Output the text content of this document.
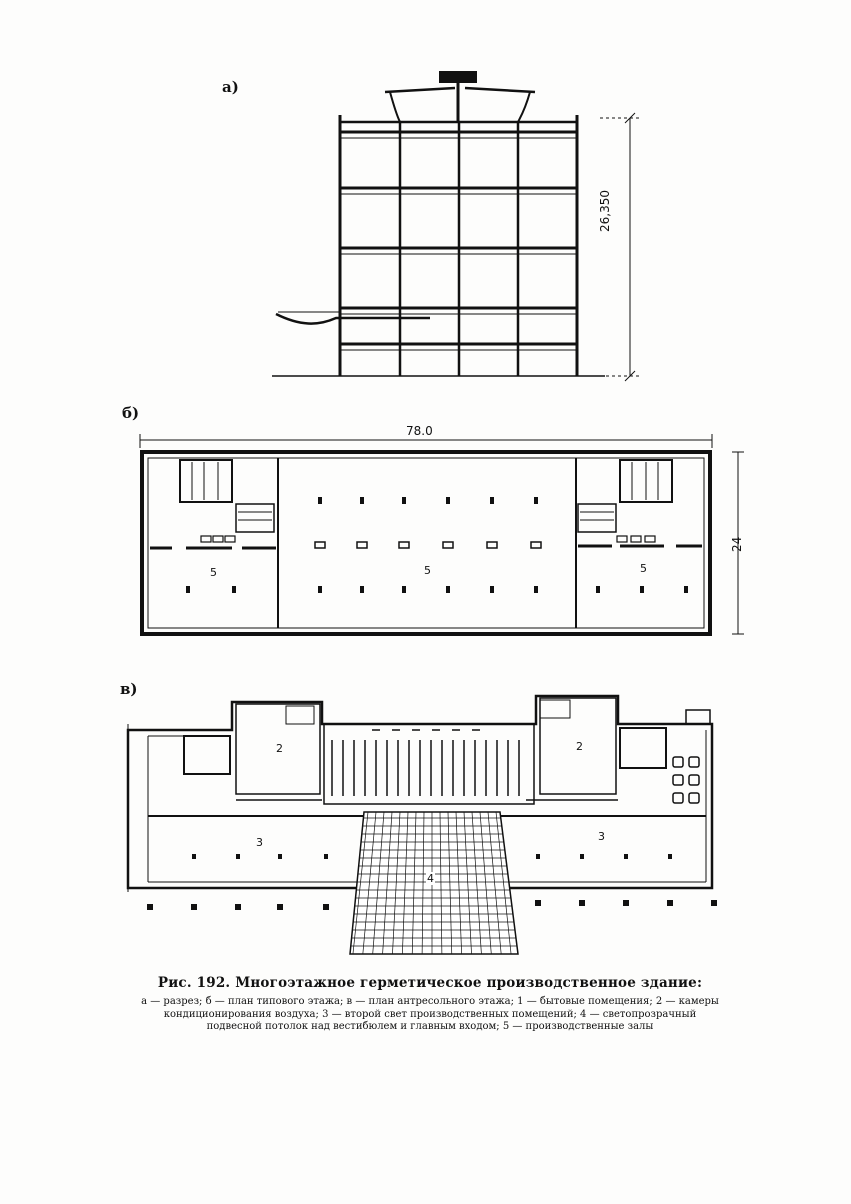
а)
26,350
б)
78.0
24
5	5	5
в)
2	2
3	3
4
Рис. 192. Многоэтажное герметическое производственное здание:
а — разрез; б — план типового этажа; в — план антресольного этажа; 1 — бытовые помещения; 2 — камеры кондиционирования воздуха; 3 — второй свет производственных помещений; 4 — светопрозрачный подвесной потолок над вестибюлем и главным входом; 5 — производственные залы
